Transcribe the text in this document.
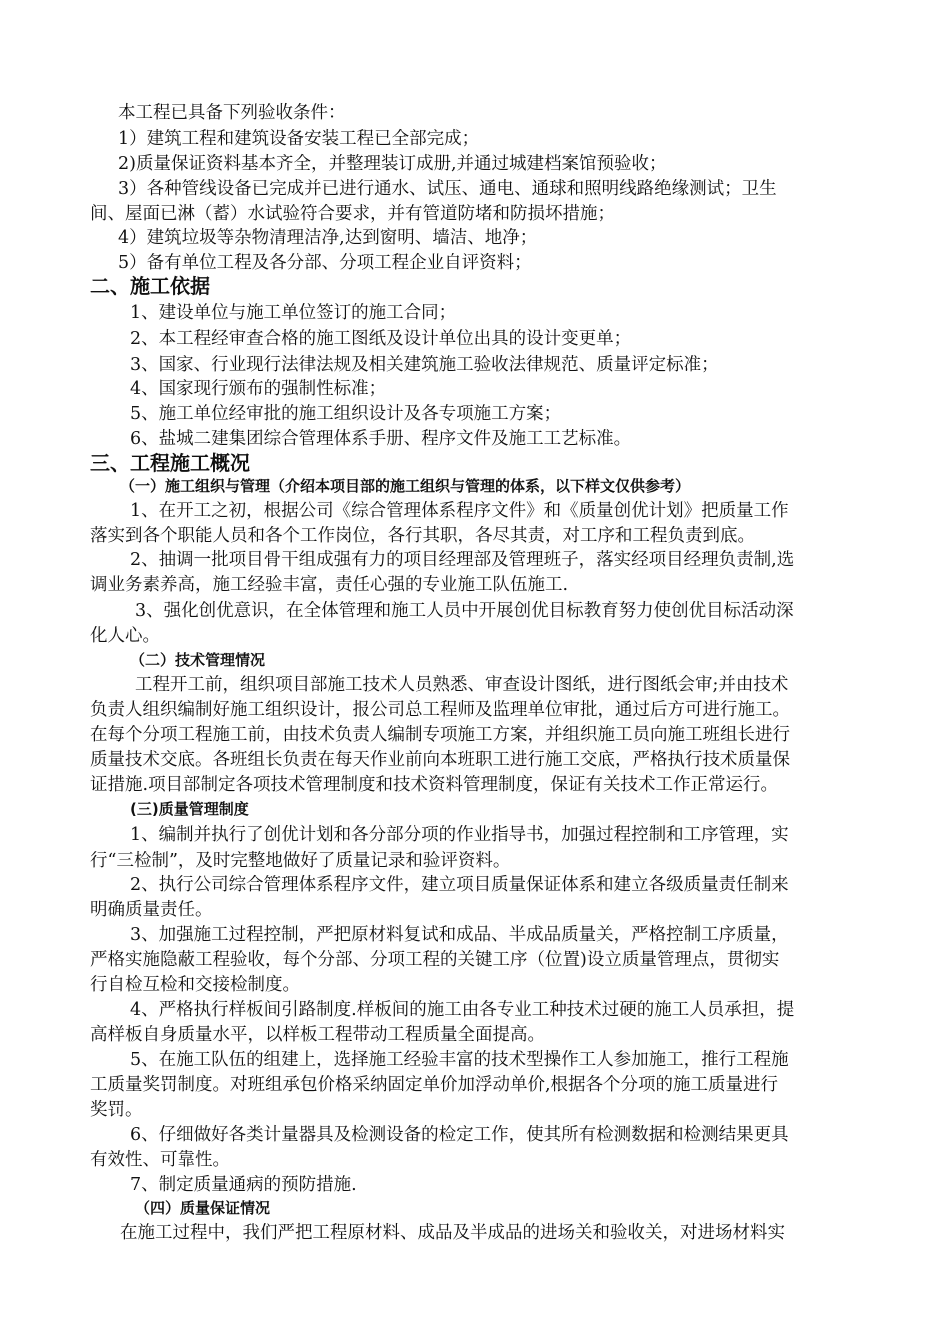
本工程已具备下列验收条件：
1）建筑工程和建筑设备安装工程已全部完成；
2)质量保证资料基本齐全，并整理装订成册,并通过城建档案馆预验收；
3）各种管线设备已完成并已进行通水、试压、通电、通球和照明线路绝缘测试；卫生
间、屋面已淋（蓄）水试验符合要求，并有管道防堵和防损坏措施；
4）建筑垃圾等杂物清理洁净,达到窗明、墙洁、地净；
5）备有单位工程及各分部、分项工程企业自评资料；
二、施工依据
1、建设单位与施工单位签订的施工合同；
2、本工程经审查合格的施工图纸及设计单位出具的设计变更单；
3、国家、行业现行法律法规及相关建筑施工验收法律规范、质量评定标准；
4、国家现行颁布的强制性标准；
5、施工单位经审批的施工组织设计及各专项施工方案；
6、盐城二建集团综合管理体系手册、程序文件及施工工艺标准。
三、工程施工概况
（一）施工组织与管理（介绍本项目部的施工组织与管理的体系，以下样文仅供参考）
1、在开工之初，根据公司《综合管理体系程序文件》和《质量创优计划》把质量工作
落实到各个职能人员和各个工作岗位，各行其职，各尽其责，对工序和工程负责到底。
2、抽调一批项目骨干组成强有力的项目经理部及管理班子，落实经项目经理负责制,选
调业务素养高，施工经验丰富，责任心强的专业施工队伍施工.
3、强化创优意识，在全体管理和施工人员中开展创优目标教育努力使创优目标活动深
化人心。
（二）技术管理情况
工程开工前，组织项目部施工技术人员熟悉、审查设计图纸，进行图纸会审;并由技术
负责人组织编制好施工组织设计，报公司总工程师及监理单位审批，通过后方可进行施工。
在每个分项工程施工前，由技术负责人编制专项施工方案，并组织施工员向施工班组长进行
质量技术交底。各班组长负责在每天作业前向本班职工进行施工交底，严格执行技术质量保
证措施.项目部制定各项技术管理制度和技术资料管理制度，保证有关技术工作正常运行。
(三)质量管理制度
1、编制并执行了创优计划和各分部分项的作业指导书，加强过程控制和工序管理，实
行“三检制”，及时完整地做好了质量记录和验评资料。
2、执行公司综合管理体系程序文件，建立项目质量保证体系和建立各级质量责任制来
明确质量责任。
3、加强施工过程控制，严把原材料复试和成品、半成品质量关，严格控制工序质量，
严格实施隐蔽工程验收，每个分部、分项工程的关键工序（位置)设立质量管理点，贯彻实
行自检互检和交接检制度。
4、严格执行样板间引路制度.样板间的施工由各专业工种技术过硬的施工人员承担，提
高样板自身质量水平，以样板工程带动工程质量全面提高。
5、在施工队伍的组建上，选择施工经验丰富的技术型操作工人参加施工，推行工程施
工质量奖罚制度。对班组承包价格采纳固定单价加浮动单价,根据各个分项的施工质量进行
奖罚。
6、仔细做好各类计量器具及检测设备的检定工作，使其所有检测数据和检测结果更具
有效性、可靠性。
7、制定质量通病的预防措施.
（四）质量保证情况
在施工过程中，我们严把工程原材料、成品及半成品的进场关和验收关，对进场材料实
